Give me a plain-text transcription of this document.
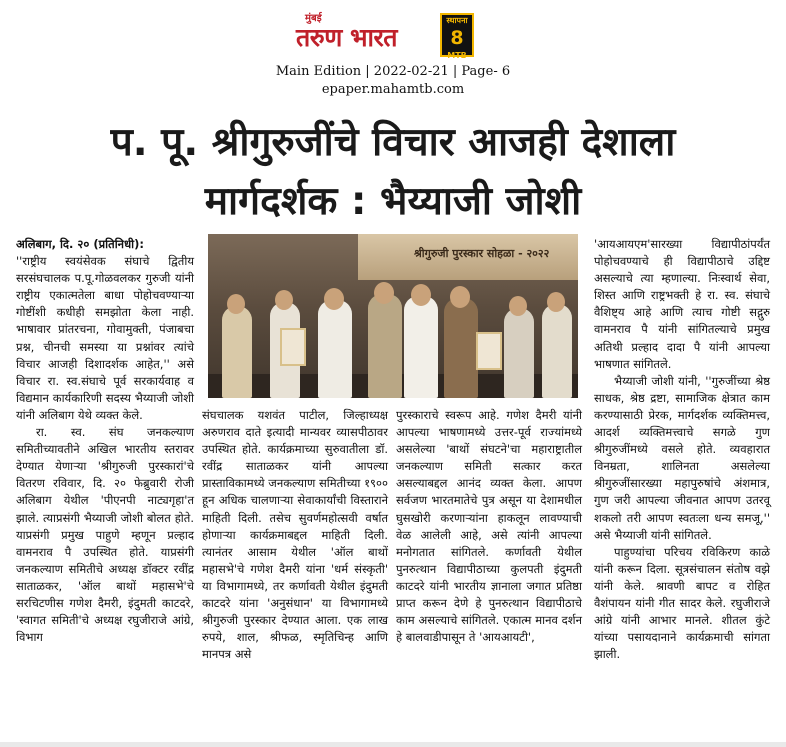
मुंबई
तरुण भारत
स्थापना
8
MTB
Main Edition | 2022-02-21 | Page- 6
epaper.mahamtb.com
प. पू. श्रीगुरुजींचे विचार आजही देशाला
मार्गदर्शक : भैय्याजी जोशी

अलिबाग, दि. २० (प्रतिनिधी):

''राष्ट्रीय स्वयंसेवक संघाचे द्वितीय सरसंघचालक प.पू.गोळवलकर गुरुजी यांनी राष्ट्रीय एकात्मतेला बाधा पोहोचवण्याऱ्या गोष्टींशी कधीही समझोता केला नाही. भाषावार प्रांतरचना, गोवामुक्ती, पंजाबचा प्रश्न, चीनची समस्या या प्रश्नांवर त्यांचे विचार आजही दिशादर्शक आहेत,'' असे विचार रा. स्व.संघाचे पूर्व सरकार्यवाह व विद्यमान कार्यकारिणी सदस्य भैय्याजी जोशी यांनी अलिबाग येथे व्यक्त केले.

रा. स्व. संघ जनकल्याण समितीच्यावतीने अखिल भारतीय स्तरावर देण्यात येणाऱ्या 'श्रीगुरुजी पुरस्कारां'चे वितरण रविवार, दि. २० फेब्रुवारी रोजी अलिबाग येथील 'पीएनपी नाट्यगृहा'त झाले. त्याप्रसंगी भैय्याजी जोशी बोलत होते. याप्रसंगी प्रमुख पाहुणे म्हणून प्रल्हाद वामनराव पै उपस्थित होते. याप्रसंगी जनकल्याण समितीचे अध्यक्ष डॉक्टर रवींद्र साताळकर, 'ऑल बाथों महासभे'चे सरचिटणीस गणेश दैमरी, इंदुमती काटदरे, 'स्वागत समिती'चे अध्यक्ष रघुजीराजे आंग्रे, विभाग

श्रीगुरुजी पुरस्कार सोहळा - २०२२

संघचालक यशवंत पाटील, जिल्हाध्यक्ष अरुणराव दाते इत्यादी मान्यवर व्यासपीठावर उपस्थित होते. कार्यक्रमाच्या सुरुवातीला डॉ. रवींद्र साताळकर यांनी आपल्या प्रास्ताविकामध्ये जनकल्याण समितीच्या १९०० हून अधिक चालणाऱ्या सेवाकार्यांची विस्ताराने माहिती दिली. तसेच सुवर्णमहोत्सवी वर्षात होणाऱ्या कार्यक्रमाबद्दल माहिती दिली. त्यानंतर आसाम येथील 'ऑल बाथों महासभे'चे गणेश दैमरी यांना 'धर्म संस्कृती' या विभागामध्ये, तर कर्णावती येथील इंदुमती काटदरे यांना 'अनुसंधान' या विभागामध्ये श्रीगुरुजी पुरस्कार देण्यात आला. एक लाख रुपये, शाल, श्रीफळ, स्मृतिचिन्ह आणि मानपत्र असे

पुरस्काराचे स्वरूप आहे. गणेश दैमरी यांनी आपल्या भाषणामध्ये उत्तर-पूर्व राज्यांमध्ये असलेल्या 'बाथों संघटने'चा महाराष्ट्रातील जनकल्याण समिती सत्कार करत असल्याबद्दल आनंद व्यक्त केला. आपण सर्वजण भारतमातेचे पुत्र असून या देशामधील घुसखोरी करणाऱ्यांना हाकलून लावण्याची वेळ आलेली आहे, असे त्यांनी आपल्या मनोगतात सांगितले. कर्णावती येथील पुनरुत्थान विद्यापीठाच्या कुलपती इंदुमती काटदरे यांनी भारतीय ज्ञानाला जगात प्रतिष्ठा प्राप्त करून देणे हे पुनरुत्थान विद्यापीठाचे काम असल्याचे सांगितले. एकात्म मानव दर्शन हे बालवाडीपासून ते 'आयआयटी',

'आयआयएम'सारख्या विद्यापीठांपर्यंत पोहोचवण्याचे ही विद्यापीठाचे उद्दिष्ट असल्याचे त्या म्हणाल्या. निःस्वार्थ सेवा, शिस्त आणि राष्ट्रभक्ती हे रा. स्व. संघाचे वैशिष्ट्य आहे आणि त्याच गोष्टी सद्गुरु वामनराव पै यांनी सांगितल्याचे प्रमुख अतिथी प्रल्हाद दादा पै यांनी आपल्या भाषणात सांगितले.

भैय्याजी जोशी यांनी, ''गुरुजींच्या श्रेष्ठ साधक, श्रेष्ठ द्रष्टा, सामाजिक क्षेत्रात काम करण्यासाठी प्रेरक, मार्गदर्शक व्यक्तिमत्त्व, आदर्श व्यक्तिमत्त्वाचे सगळे गुण श्रीगुरुजींमध्ये वसले होते. व्यवहारात विनम्रता, शालिनता असलेल्या श्रीगुरुजींसारख्या महापुरुषांचे अंशमात्र, गुण जरी आपल्या जीवनात आपण उतरवू शकलो तरी आपण स्वतःला धन्य समजू,'' असे भैय्याजी यांनी सांगितले.

पाहुण्यांचा परिचय रविकिरण काळे यांनी करून दिला. सूत्रसंचालन संतोष वझे यांनी केले. श्रावणी बापट व रोहित वैशंपायन यांनी गीत सादर केले. रघुजीराजे आंग्रे यांनी आभार मानले. शीतल कुंटे यांच्या पसायदानाने कार्यक्रमाची सांगता झाली.
